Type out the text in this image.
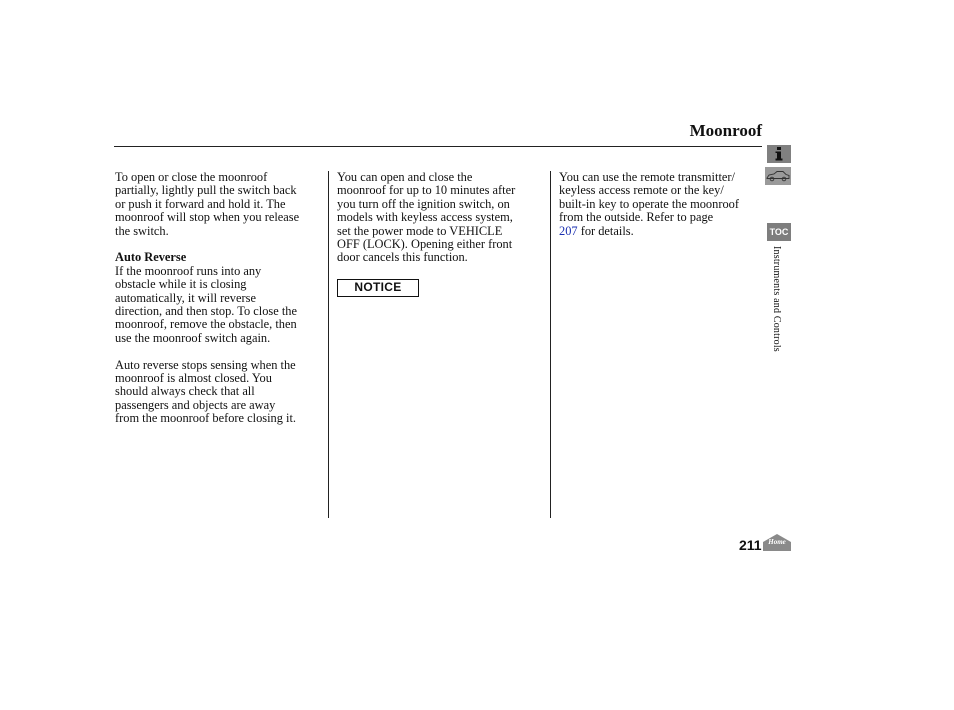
Moonroof

To open or close the moonroof
partially, lightly pull the switch back
or push it forward and hold it. The
moonroof will stop when you release
the switch.

Auto Reverse

If the moonroof runs into any
obstacle while it is closing
automatically, it will reverse
direction, and then stop. To close the
moonroof, remove the obstacle, then
use the moonroof switch again.

Auto reverse stops sensing when the
moonroof is almost closed. You
should always check that all
passengers and objects are away
from the moonroof before closing it.

You can open and close the
moonroof for up to 10 minutes after
you turn off the ignition switch, on
models with keyless access system,
set the power mode to VEHICLE
OFF (LOCK). Opening either front
door cancels this function.

NOTICE

You can use the remote transmitter/
keyless access remote or the key/
built-in key to operate the moonroof
from the outside. Refer to page
207 for details.	TOC
Instruments and Controls
211 Home
